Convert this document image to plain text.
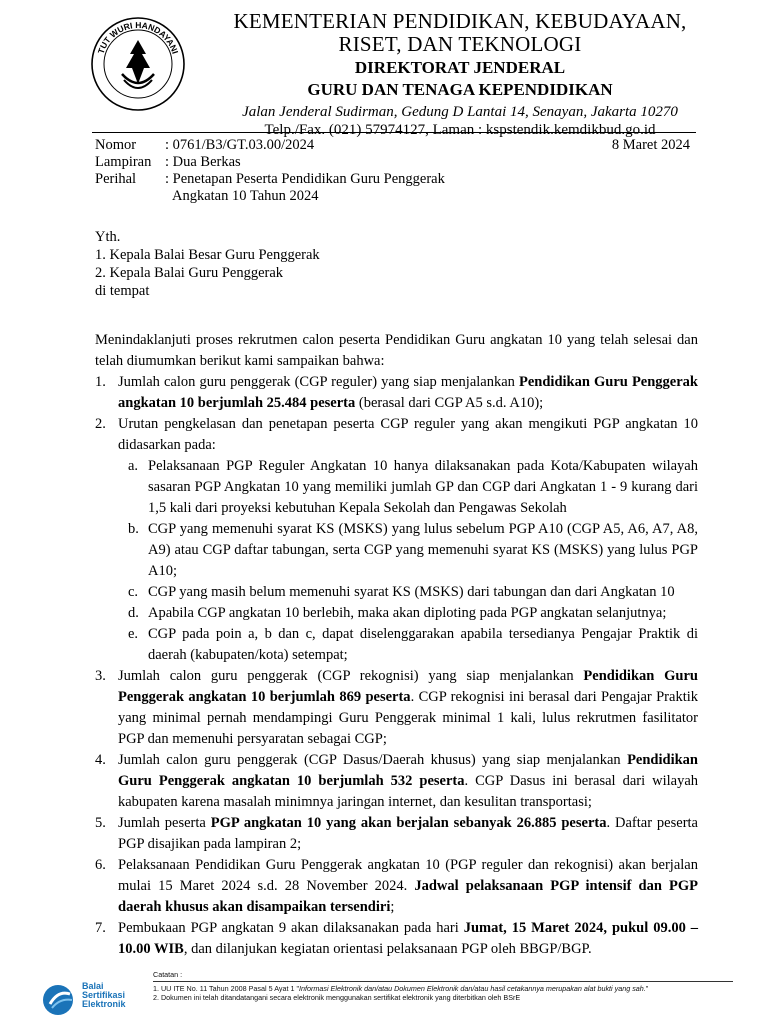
TUT WURI HANDAYANI
KEMENTERIAN PENDIDIKAN, KEBUDAYAAN,
RISET, DAN TEKNOLOGI
DIREKTORAT JENDERAL
GURU DAN TENAGA KEPENDIDIKAN
Jalan Jenderal Sudirman, Gedung D Lantai 14, Senayan, Jakarta 10270
Telp./Fax. (021) 57974127, Laman : kspstendik.kemdikbud.go.id
Nomor	: 0761/B3/GT.03.00/2024
Lampiran : Dua Berkas
Perihal	: Penetapan Peserta Pendidikan Guru Penggerak
Angkatan 10 Tahun 2024
8 Maret 2024
Yth.
1. Kepala Balai Besar Guru Penggerak
2. Kepala Balai Guru Penggerak
di tempat

Menindaklanjuti proses rekrutmen calon peserta Pendidikan Guru angkatan 10 yang telah selesai dan telah diumumkan berikut kami sampaikan bahwa:

1. Jumlah calon guru penggerak (CGP reguler) yang siap menjalankan Pendidikan Guru Penggerak angkatan 10 berjumlah 25.484 peserta (berasal dari CGP A5 s.d. A10);
2. Urutan pengkelasan dan penetapan peserta CGP reguler yang akan mengikuti PGP angkatan 10 didasarkan pada:
a. Pelaksanaan PGP Reguler Angkatan 10 hanya dilaksanakan pada Kota/Kabupaten wilayah sasaran PGP Angkatan 10 yang memiliki jumlah GP dan CGP dari Angkatan 1 - 9 kurang dari 1,5 kali dari proyeksi kebutuhan Kepala Sekolah dan Pengawas Sekolah
b. CGP yang memenuhi syarat KS (MSKS) yang lulus sebelum PGP A10 (CGP A5, A6, A7, A8, A9) atau CGP daftar tabungan, serta CGP yang memenuhi syarat KS (MSKS) yang lulus PGP A10;
c. CGP yang masih belum memenuhi syarat KS (MSKS) dari tabungan dan dari Angkatan 10
d. Apabila CGP angkatan 10 berlebih, maka akan diploting pada PGP angkatan selanjutnya;
e. CGP pada poin a, b dan c, dapat diselenggarakan apabila tersedianya Pengajar Praktik di daerah (kabupaten/kota) setempat;
3. Jumlah calon guru penggerak (CGP rekognisi) yang siap menjalankan Pendidikan Guru Penggerak angkatan 10 berjumlah 869 peserta. CGP rekognisi ini berasal dari Pengajar Praktik yang minimal pernah mendampingi Guru Penggerak minimal 1 kali, lulus rekrutmen fasilitator PGP dan memenuhi persyaratan sebagai CGP;
4. Jumlah calon guru penggerak (CGP Dasus/Daerah khusus) yang siap menjalankan Pendidikan Guru Penggerak angkatan 10 berjumlah 532 peserta. CGP Dasus ini berasal dari wilayah kabupaten karena masalah minimnya jaringan internet, dan kesulitan transportasi;
5. Jumlah peserta PGP angkatan 10 yang akan berjalan sebanyak 26.885 peserta. Daftar peserta PGP disajikan pada lampiran 2;
6. Pelaksanaan Pendidikan Guru Penggerak angkatan 10 (PGP reguler dan rekognisi) akan berjalan mulai 15 Maret 2024 s.d. 28 November 2024. Jadwal pelaksanaan PGP intensif dan PGP daerah khusus akan disampaikan tersendiri;
7. Pembukaan PGP angkatan 9 akan dilaksanakan pada hari Jumat, 15 Maret 2024, pukul 09.00 – 10.00 WIB, dan dilanjukan kegiatan orientasi pelaksanaan PGP oleh BBGP/BGP.
Balai
Sertifikasi
Elektronik
Catatan :
1. UU ITE No. 11 Tahun 2008 Pasal 5 Ayat 1 "Informasi Elektronik dan/atau Dokumen Elektronik dan/atau hasil cetakannya merupakan alat bukti yang sah."
2. Dokumen ini telah ditandatangani secara elektronik menggunakan sertifikat elektronik yang diterbitkan oleh BSrE
